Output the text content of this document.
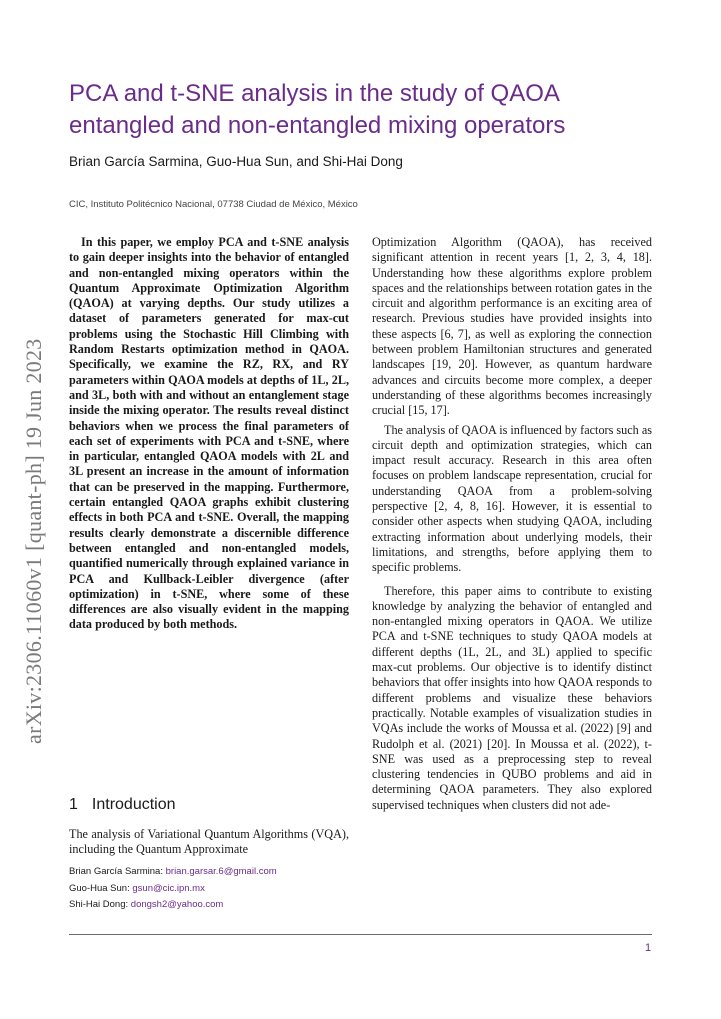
PCA and t-SNE analysis in the study of QAOA entangled and non-entangled mixing operators
Brian García Sarmina, Guo-Hua Sun, and Shi-Hai Dong
CIC, Instituto Politécnico Nacional, 07738 Ciudad de México, México
arXiv:2306.11060v1 [quant-ph] 19 Jun 2023

In this paper, we employ PCA and t-SNE analysis to gain deeper insights into the behavior of entangled and non-entangled mixing operators within the Quantum Approximate Optimization Algorithm (QAOA) at varying depths. Our study utilizes a dataset of parameters generated for max-cut problems using the Stochastic Hill Climbing with Random Restarts optimization method in QAOA. Specifically, we examine the RZ, RX, and RY parameters within QAOA models at depths of 1L, 2L, and 3L, both with and without an entanglement stage inside the mixing operator. The results reveal distinct behaviors when we process the final parameters of each set of experiments with PCA and t-SNE, where in particular, entangled QAOA models with 2L and 3L present an increase in the amount of information that can be preserved in the mapping. Furthermore, certain entangled QAOA graphs exhibit clustering effects in both PCA and t-SNE. Overall, the mapping results clearly demonstrate a discernible difference between entangled and non-entangled models, quantified numerically through explained variance in PCA and Kullback-Leibler divergence (after optimization) in t-SNE, where some of these differences are also visually evident in the mapping data produced by both methods.

1 Introduction

The analysis of Variational Quantum Algorithms (VQA), including the Quantum Approximate

Brian García Sarmina: brian.garsar.6@gmail.com
Guo-Hua Sun: gsun@cic.ipn.mx
Shi-Hai Dong: dongsh2@yahoo.com

Optimization Algorithm (QAOA), has received significant attention in recent years [1, 2, 3, 4, 18]. Understanding how these algorithms explore problem spaces and the relationships between rotation gates in the circuit and algorithm performance is an exciting area of research. Previous studies have provided insights into these aspects [6, 7], as well as exploring the connection between problem Hamiltonian structures and generated landscapes [19, 20]. However, as quantum hardware advances and circuits become more complex, a deeper understanding of these algorithms becomes increasingly crucial [15, 17].

The analysis of QAOA is influenced by factors such as circuit depth and optimization strategies, which can impact result accuracy. Research in this area often focuses on problem landscape representation, crucial for understanding QAOA from a problem-solving perspective [2, 4, 8, 16]. However, it is essential to consider other aspects when studying QAOA, including extracting information about underlying models, their limitations, and strengths, before applying them to specific problems.

Therefore, this paper aims to contribute to existing knowledge by analyzing the behavior of entangled and non-entangled mixing operators in QAOA. We utilize PCA and t-SNE techniques to study QAOA models at different depths (1L, 2L, and 3L) applied to specific max-cut problems. Our objective is to identify distinct behaviors that offer insights into how QAOA responds to different problems and visualize these behaviors practically. Notable examples of visualization studies in VQAs include the works of Moussa et al. (2022) [9] and Rudolph et al. (2021) [20]. In Moussa et al. (2022), t-SNE was used as a preprocessing step to reveal clustering tendencies in QUBO problems and aid in determining QAOA parameters. They also explored supervised techniques when clusters did not ade-

1
